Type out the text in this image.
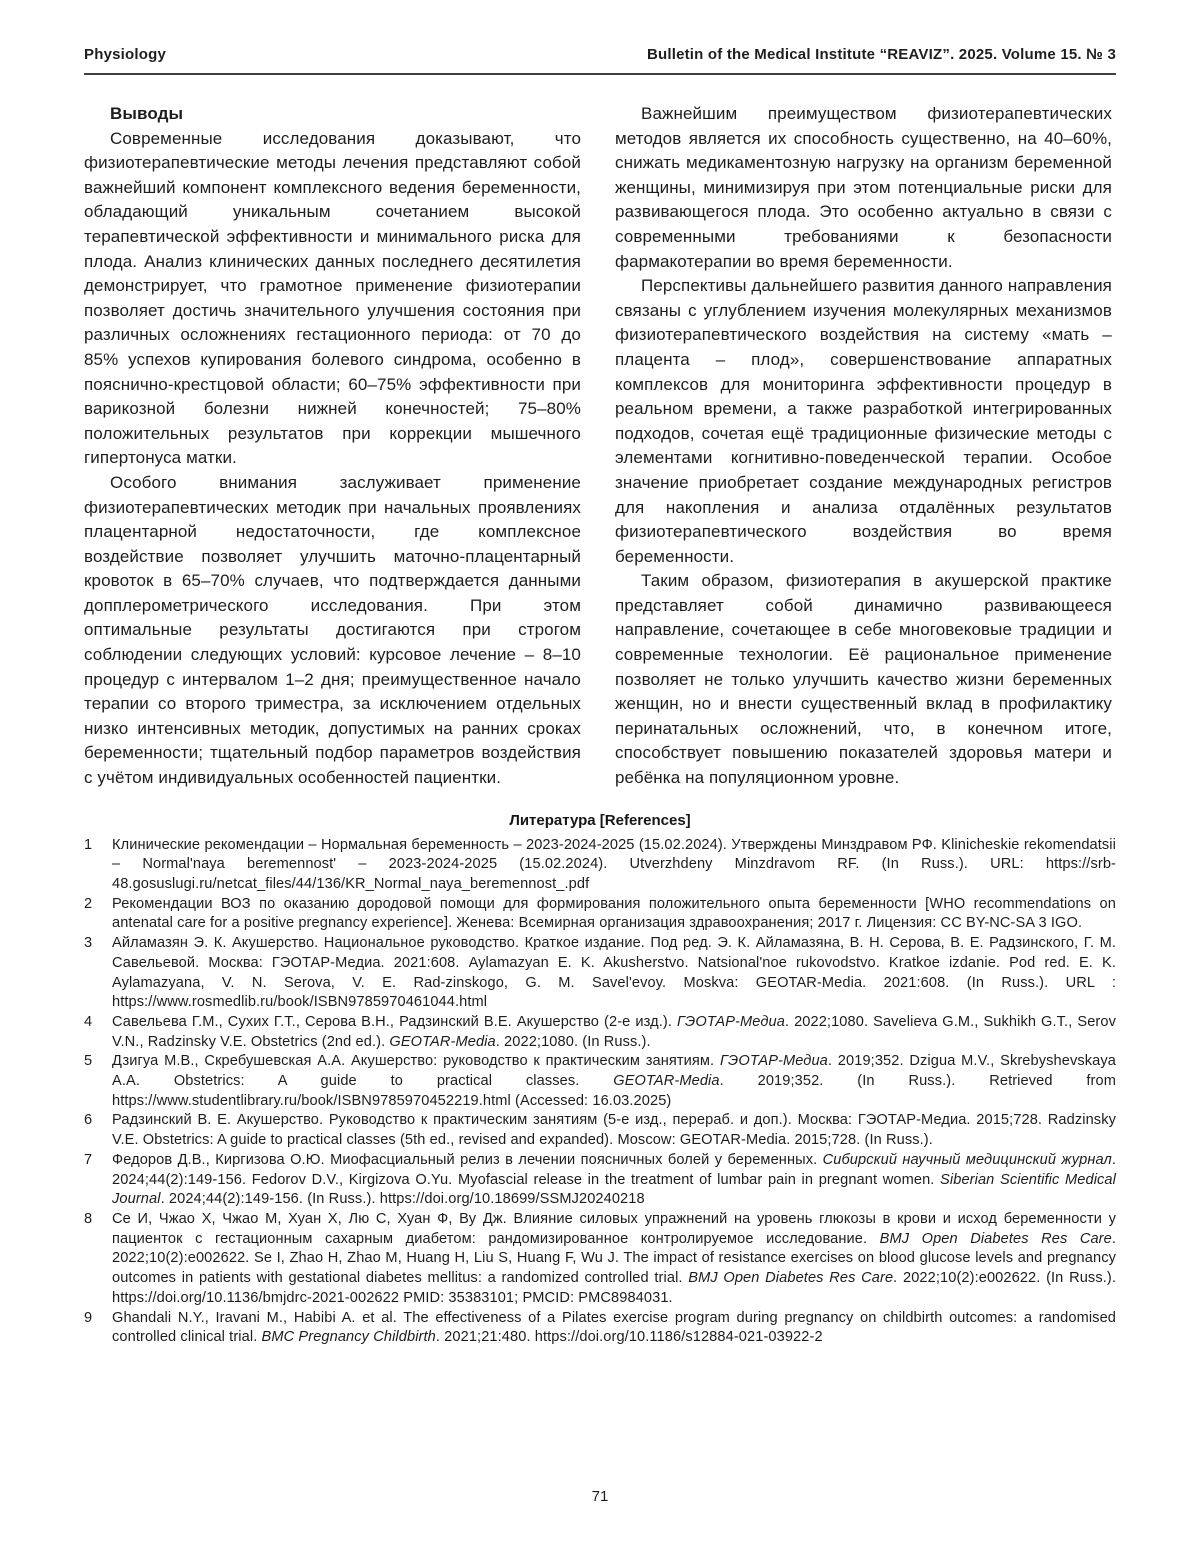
Physiology	Bulletin of the Medical Institute “REAVIZ”. 2025. Volume 15. № 3

Выводы

Современные исследования доказывают, что физиотерапевтические методы лечения представляют собой важнейший компонент комплексного ведения беременности, обладающий уникальным сочетанием высокой терапевтической эффективности и минимального риска для плода. Анализ клинических данных последнего десятилетия демонстрирует, что грамотное применение физиотерапии позволяет достичь значительного улучшения состояния при различных осложнениях гестационного периода: от 70 до 85% успехов купирования болевого синдрома, особенно в пояснично-крестцовой области; 60–75% эффективности при варикозной болезни нижней конечностей; 75–80% положительных результатов при коррекции мышечного гипертонуса матки.

Особого внимания заслуживает применение физиотерапевтических методик при начальных проявлениях плацентарной недостаточности, где комплексное воздействие позволяет улучшить маточно-плацентарный кровоток в 65–70% случаев, что подтверждается данными допплерометрического исследования. При этом оптимальные результаты достигаются при строгом соблюдении следующих условий: курсовое лечение – 8–10 процедур с интервалом 1–2 дня; преимущественное начало терапии со второго триместра, за исключением отдельных низко интенсивных методик, допустимых на ранних сроках беременности; тщательный подбор параметров воздействия с учётом индивидуальных особенностей пациентки.

Важнейшим преимуществом физиотерапевтических методов является их способность существенно, на 40–60%, снижать медикаментозную нагрузку на организм беременной женщины, минимизируя при этом потенциальные риски для развивающегося плода. Это особенно актуально в связи с современными требованиями к безопасности фармакотерапии во время беременности.

Перспективы дальнейшего развития данного направления связаны с углублением изучения молекулярных механизмов физиотерапевтического воздействия на систему «мать – плацента – плод», совершенствование аппаратных комплексов для мониторинга эффективности процедур в реальном времени, а также разработкой интегрированных подходов, сочетая ещё традиционные физические методы с элементами когнитивно-поведенческой терапии. Особое значение приобретает создание международных регистров для накопления и анализа отдалённых результатов физиотерапевтического воздействия во время беременности.

Таким образом, физиотерапия в акушерской практике представляет собой динамично развивающееся направление, сочетающее в себе многовековые традиции и современные технологии. Её рациональное применение позволяет не только улучшить качество жизни беременных женщин, но и внести существенный вклад в профилактику перинатальных осложнений, что, в конечном итоге, способствует повышению показателей здоровья матери и ребёнка на популяционном уровне.

Литература [References]
1	Клинические рекомендации – Нормальная беременность – 2023-2024-2025 (15.02.2024). Утверждены Минздравом РФ. Klinicheskie rekomendatsii – Normal'naya beremennost' – 2023-2024-2025 (15.02.2024). Utverzhdeny Minzdravom RF. (In Russ.). URL: https://srb-48.gosuslugi.ru/netcat_files/44/136/KR_Normal_naya_beremennost_.pdf
2	Рекомендации ВОЗ по оказанию дородовой помощи для формирования положительного опыта беременности [WHO recommendations on antenatal care for a positive pregnancy experience]. Женева: Всемирная организация здравоохранения; 2017 г. Лицензия: CC BY-NC-SA 3 IGO.
3	Айламазян Э. К. Акушерство. Национальное руководство. Краткое издание. Под ред. Э. К. Айламазяна, В. Н. Серова, В. Е. Радзинского, Г. М. Савельевой. Москва: ГЭОТАР-Медиа. 2021:608. Aylamazyan E. K. Akusherstvo. Natsional'noe rukovodstvo. Kratkoe izdanie. Pod red. E. K. Aylamazyana, V. N. Serova, V. E. Rad-zinskogo, G. M. Savel'evoy. Moskva: GEOTAR-Media. 2021:608. (In Russ.). URL : https://www.rosmedlib.ru/book/ISBN9785970461044.html
4	Савельева Г.М., Сухих Г.Т., Серова В.Н., Радзинский В.Е. Акушерство (2-е изд.). ГЭОТАР-Медиа. 2022;1080. Savelieva G.M., Sukhikh G.T., Serov V.N., Radzinsky V.E. Obstetrics (2nd ed.). GEOTAR-Media. 2022;1080. (In Russ.).
5	Дзигуа М.В., Скребушевская А.А. Акушерство: руководство к практическим занятиям. ГЭОТАР-Медиа. 2019;352. Dzigua M.V., Skrebyshevskaya A.A. Obstetrics: A guide to practical classes. GEOTAR-Media. 2019;352. (In Russ.). Retrieved from https://www.studentlibrary.ru/book/ISBN9785970452219.html (Accessed: 16.03.2025)
6	Радзинский В. Е. Акушерство. Руководство к практическим занятиям (5-е изд., перераб. и доп.). Москва: ГЭОТАР-Медиа. 2015;728. Radzinsky V.E. Obstetrics: A guide to practical classes (5th ed., revised and expanded). Moscow: GEOTAR-Media. 2015;728. (In Russ.).
7	Федоров Д.В., Киргизова О.Ю. Миофасциальный релиз в лечении поясничных болей у беременных. Сибирский научный медицинский журнал. 2024;44(2):149-156. Fedorov D.V., Kirgizova O.Yu. Myofascial release in the treatment of lumbar pain in pregnant women. Siberian Scientific Medical Journal. 2024;44(2):149-156. (In Russ.). https://doi.org/10.18699/SSMJ20240218
8	Се И, Чжао Х, Чжао М, Хуан Х, Лю С, Хуан Ф, Ву Дж. Влияние силовых упражнений на уровень глюкозы в крови и исход беременности у пациенток с гестационным сахарным диабетом: рандомизированное контролируемое исследование. BMJ Open Diabetes Res Care. 2022;10(2):e002622. Se I, Zhao H, Zhao M, Huang H, Liu S, Huang F, Wu J. The impact of resistance exercises on blood glucose levels and pregnancy outcomes in patients with gestational diabetes mellitus: a randomized controlled trial. BMJ Open Diabetes Res Care. 2022;10(2):e002622. (In Russ.). https://doi.org/10.1136/bmjdrc-2021-002622 PMID: 35383101; PMCID: PMC8984031.
9	Ghandali N.Y., Iravani M., Habibi A. et al. The effectiveness of a Pilates exercise program during pregnancy on childbirth outcomes: a randomised controlled clinical trial. BMC Pregnancy Childbirth. 2021;21:480. https://doi.org/10.1186/s12884-021-03922-2
71
